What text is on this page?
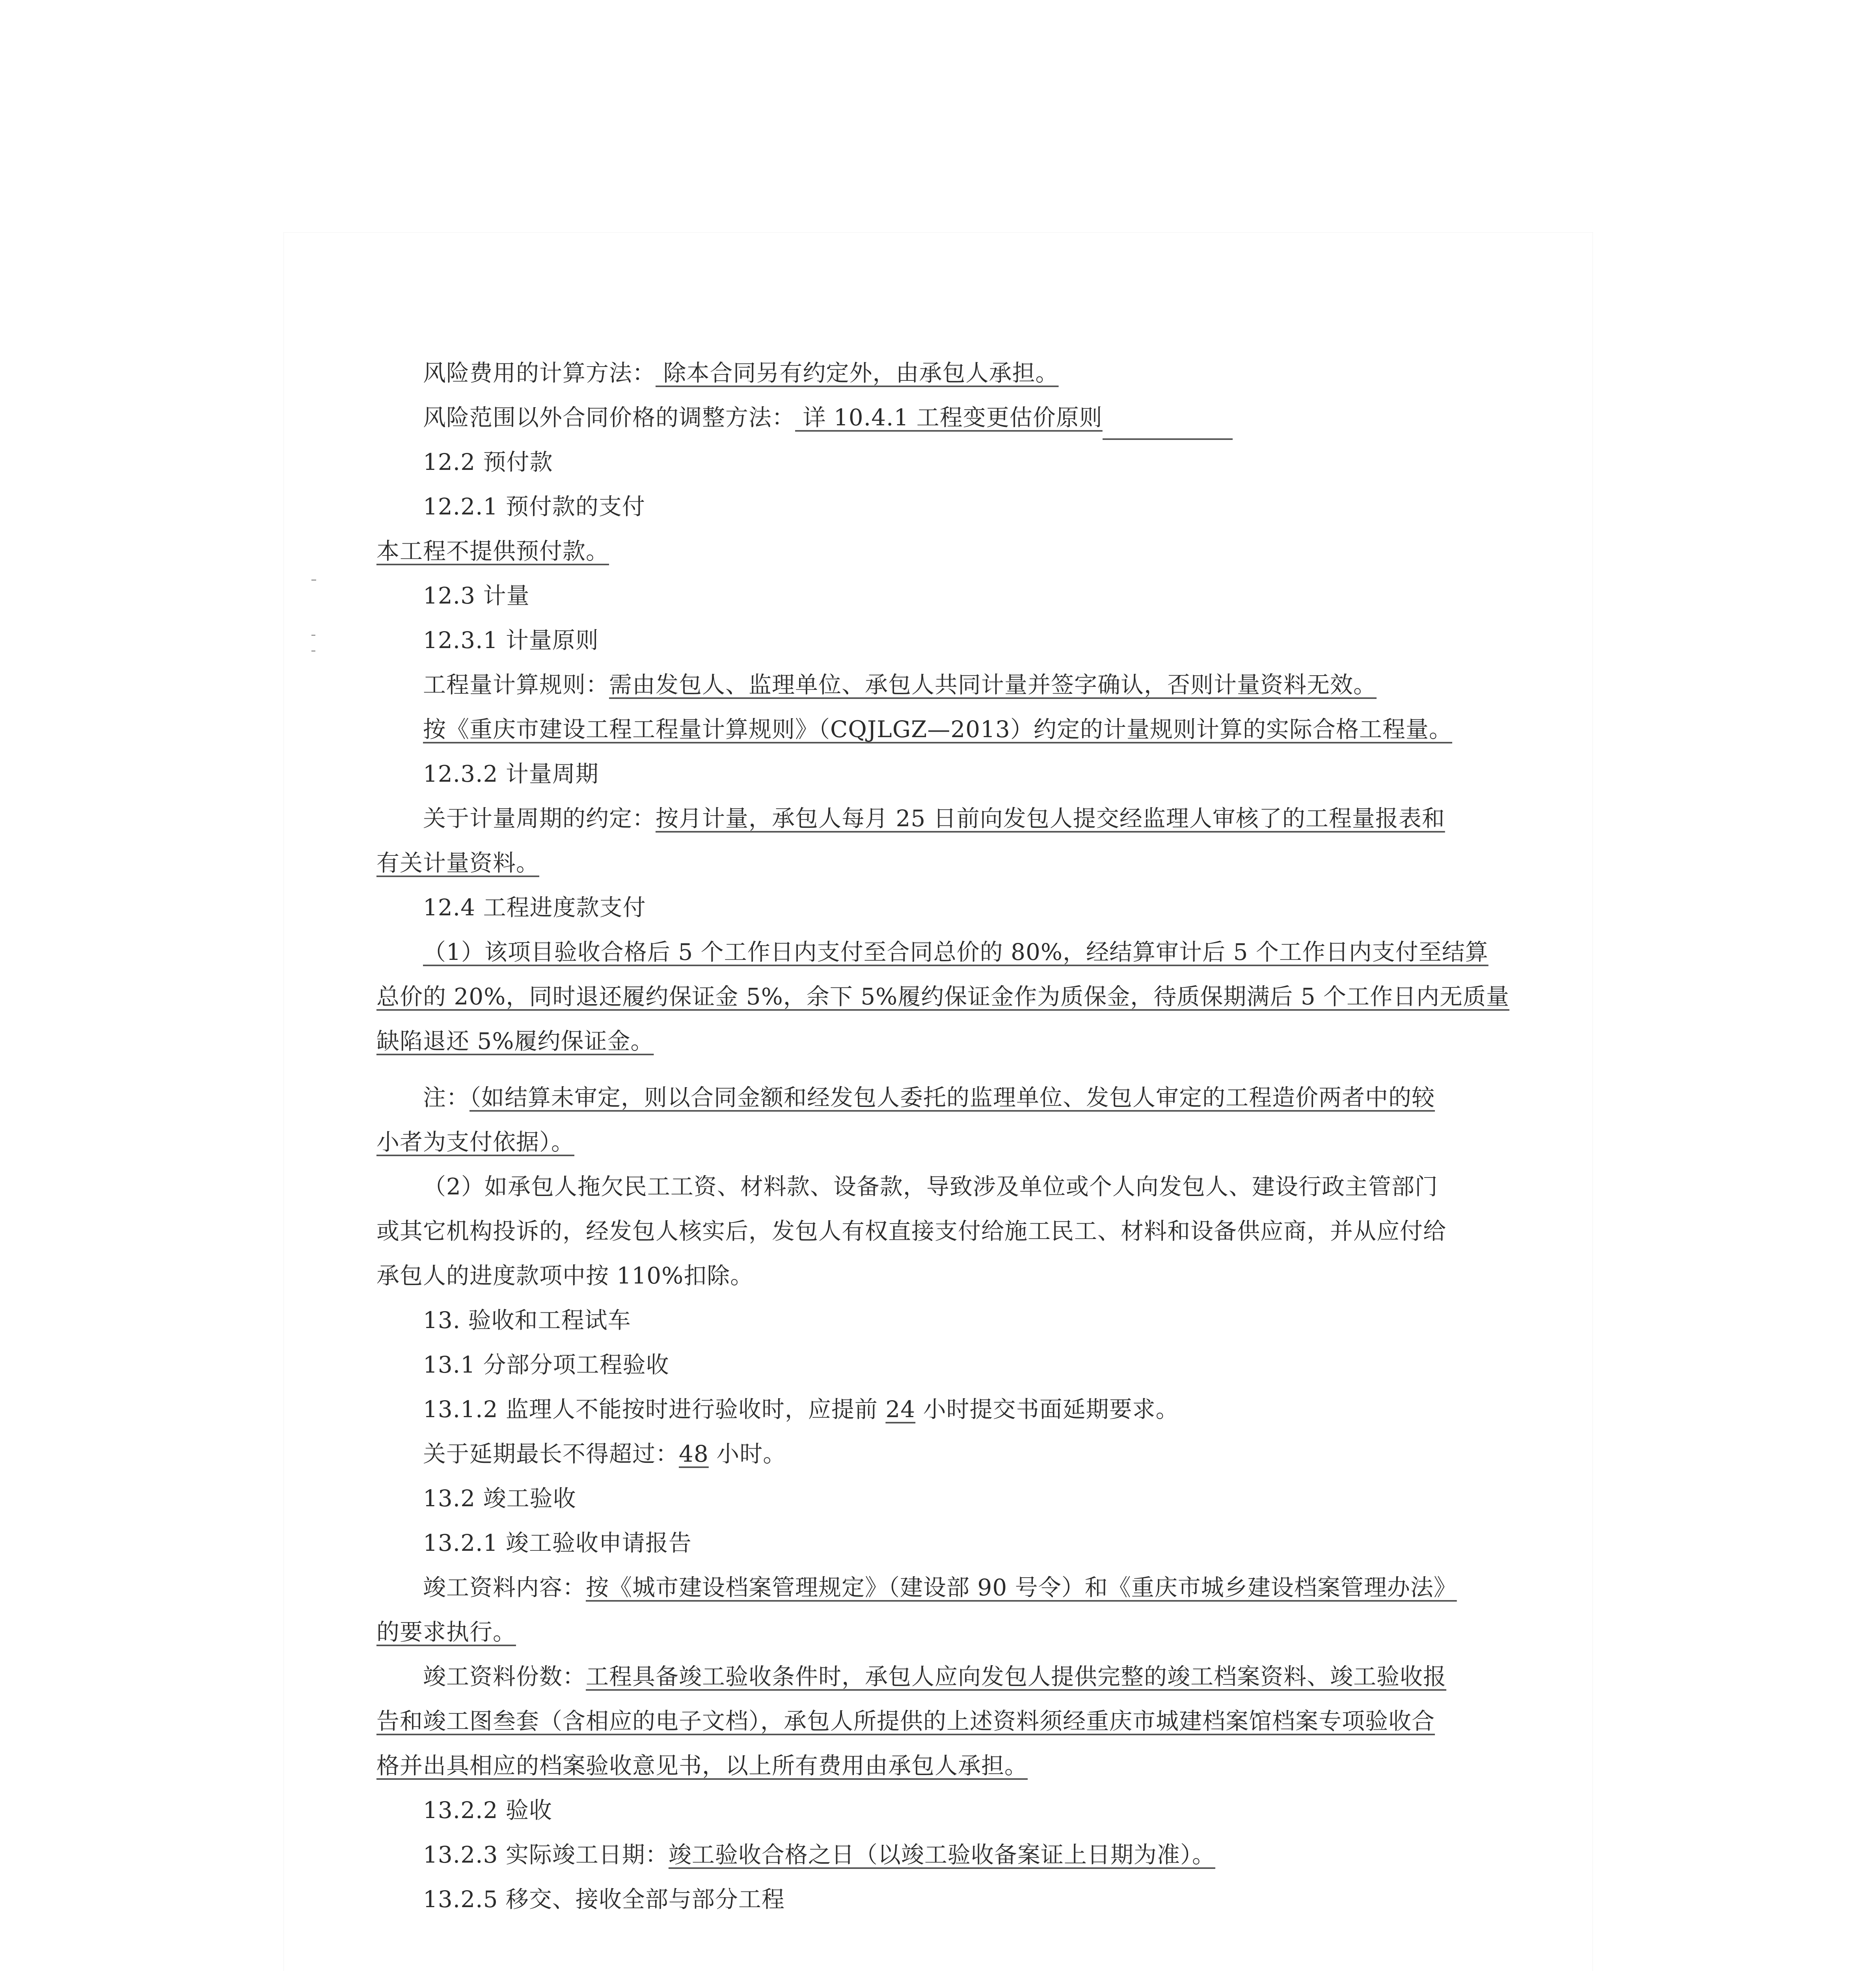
风险费用的计算方法： 除本合同另有约定外，由承包人承担。
风险范围以外合同价格的调整方法： 详 10.4.1 工程变更估价原则
12.2 预付款
12.2.1 预付款的支付
本工程不提供预付款。
12.3 计量
12.3.1 计量原则
工程量计算规则：需由发包人、监理单位、承包人共同计量并签字确认，否则计量资料无效。
按《重庆市建设工程工程量计算规则》（CQJLGZ—2013）约定的计量规则计算的实际合格工程量。
12.3.2 计量周期
关于计量周期的约定：按月计量，承包人每月 25 日前向发包人提交经监理人审核了的工程量报表和
有关计量资料。
12.4 工程进度款支付
（1）该项目验收合格后 5 个工作日内支付至合同总价的 80%，经结算审计后 5 个工作日内支付至结算
总价的 20%，同时退还履约保证金 5%，余下 5%履约保证金作为质保金，待质保期满后 5 个工作日内无质量
缺陷退还 5%履约保证金。
注：（如结算未审定，则以合同金额和经发包人委托的监理单位、发包人审定的工程造价两者中的较
小者为支付依据）。
（2）如承包人拖欠民工工资、材料款、设备款，导致涉及单位或个人向发包人、建设行政主管部门
或其它机构投诉的，经发包人核实后，发包人有权直接支付给施工民工、材料和设备供应商，并从应付给
承包人的进度款项中按 110%扣除。
13. 验收和工程试车
13.1 分部分项工程验收
13.1.2 监理人不能按时进行验收时，应提前 24 小时提交书面延期要求。
关于延期最长不得超过：48 小时。
13.2 竣工验收
13.2.1 竣工验收申请报告
竣工资料内容：按《城市建设档案管理规定》（建设部 90 号令）和《重庆市城乡建设档案管理办法》
的要求执行。
竣工资料份数：工程具备竣工验收条件时，承包人应向发包人提供完整的竣工档案资料、竣工验收报
告和竣工图叁套（含相应的电子文档），承包人所提供的上述资料须经重庆市城建档案馆档案专项验收合
格并出具相应的档案验收意见书，以上所有费用由承包人承担。
13.2.2 验收
13.2.3 实际竣工日期：竣工验收合格之日（以竣工验收备案证上日期为准）。
13.2.5 移交、接收全部与部分工程
